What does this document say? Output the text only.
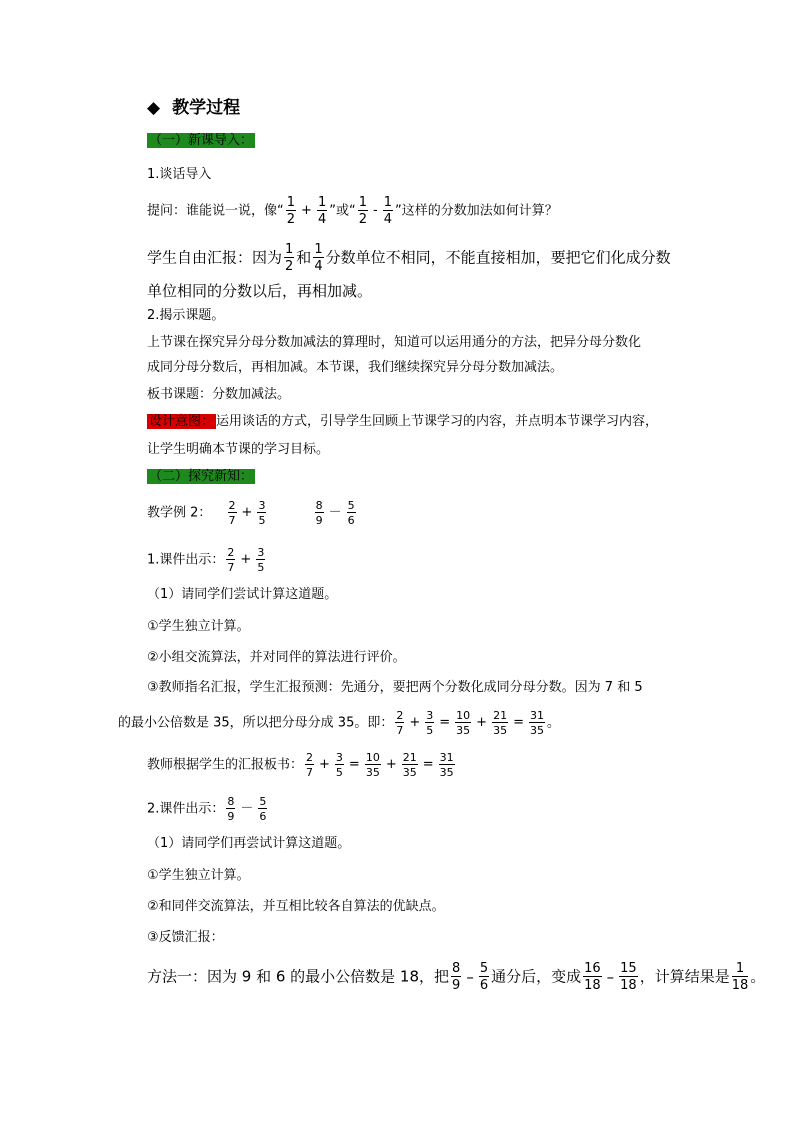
◆ 教学过程
（一）新课导入：
1.谈话导入
提问：谁能说一说，像“ $\frac{1}{2} + \frac{1}{4}$ ”或“ $\frac{1}{2} - \frac{1}{4}$ ”这样的分数加法如何计算？
学生自由汇报：因为 $\frac{1}{2}$ 和 $\frac{1}{4}$ 分数单位不相同，不能直接相加，要把它们化成分数
单位相同的分数以后，再相加减。
2.揭示课题。
上节课在探究异分母分数加减法的算理时，知道可以运用通分的方法，把异分母分数化
成同分母分数后，再相加减。本节课，我们继续探究异分母分数加减法。
板书课题：分数加减法。
设计意图： 运用谈话的方式，引导学生回顾上节课学习的内容，并点明本节课学习内容，
让学生明确本节课的学习目标。
（二）探究新知：
教学例 2： $\frac{2}{7} + \frac{3}{5}$
	$\frac{8}{9} - \frac{5}{6}$
1.课件出示： $\frac{2}{7} + \frac{3}{5}$
（1）请同学们尝试计算这道题。
①学生独立计算。
②小组交流算法，并对同伴的算法进行评价。
③教师指名汇报，学生汇报预测：先通分，要把两个分数化成同分母分数。因为 7 和 5
的最小公倍数是 35，所以把分母分成 35。即： $\frac{2}{7} + \frac{3}{5} = \frac{10}{35} + \frac{21}{35} = \frac{31}{35}$ 。
教师根据学生的汇报板书： $\frac{2}{7} + \frac{3}{5} = \frac{10}{35} + \frac{21}{35} = \frac{31}{35}$
2.课件出示： $\frac{8}{9} - \frac{5}{6}$
（1）请同学们再尝试计算这道题。
①学生独立计算。
②和同伴交流算法，并互相比较各自算法的优缺点。
③反馈汇报：
方法一：因为 9 和 6 的最小公倍数是 18，把 $\frac{8}{9} - \frac{5}{6}$ 通分后，变成 $\frac{16}{18} - \frac{15}{18}$ ，计算结果是 $\frac{1}{18}$ 。
